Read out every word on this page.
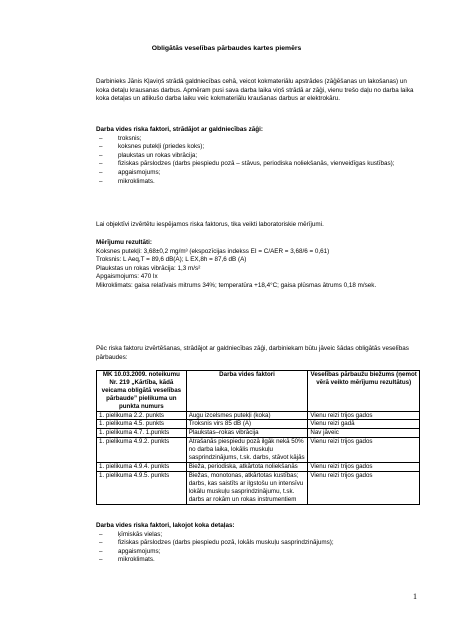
Obligātās veselības pārbaudes kartes piemērs

Darbinieks Jānis Kļaviņš strādā galdniecības cehā, veicot kokmateriālu apstrādes (zāģēšanas un lakošanas) un koka detaļu krausanas darbus. Apmēram pusi sava darba laika viņš strādā ar zāģi, vienu trešo daļu no darba laika koka detaļas un atlikušo darba laiku veic kokmateriālu kraušanas darbus ar elektrokāru.

Darba vides riska faktori, strādājot ar galdniecības zāģi:

– troksnis;
– koksnes putekļi (priedes koks);
– plaukstas un rokas vibrācija;
– fiziskas pārslodzes (darbs piespiedu pozā – stāvus, periodiska noliekšanās, vienveidīgas kustības);
– apgaismojums;
– mikroklimats.

Lai objektīvi izvērtētu iespējamos riska faktorus, tika veikti laboratoriskie mērījumi.

Mērījumu rezultāti:

Koksnes putekļi: 3,68±0,2 mg/m³ (ekspozīcijas indekss EI = C/AER = 3,68/6 = 0,61)

Troksnis: L Aeq,T = 89,6 dB(A); L EX,8h = 87,6 dB (A)

Plaukstas un rokas vibrācija: 1,3 m/s²

Apgaismojums: 470 lx

Mikroklimats: gaisa relatīvais mitrums 34%; temperatūra +18,4°C; gaisa plūsmas ātrums 0,18 m/sek.

Pēc riska faktoru izvērtēšanas, strādājot ar galdniecības zāģi, darbiniekam būtu jāveic šādas obligātās veselības pārbaudes:

MK 10.03.2009. noteikumu Nr. 219 „Kārtība, kādā veicama obligātā veselības pārbaude” pielikuma un punkta numurs	Darba vides faktori	Veselības pārbaužu biežums (ņemot vērā veikto mērījumu rezultātus)
1. pielikuma 2.2. punkts	Augu izcelsmes putekļi (koka)	Vienu reizi trijos gados
1. pielikuma 4.5. punkts	Troksnis virs 85 dB (A)	Vienu reizi gadā
1. pielikuma 4.7. 1.punkts	Plaukstas–rokas vibrācija	Nav jāveic
1. pielikuma 4.9.2. punkts	Atrašanās piespiedu pozā ilgāk nekā 50% no darba laika, lokālis muskuļu sasprindzinājums, t.sk. darbs, stāvot kājās	Vienu reizi trijos gados
1. pielikuma 4.9.4. punkts	Bieža, periodiska, atkārtota noliekšanās	Vienu reizi trijos gados
1. pielikuma 4.9.5. punkts	Biežas, monotonas, atkārtotas kustības; darbs, kas saistīts ar ilgstošu un intensīvu lokālu muskuļu sasprindzinājumu, t.sk. darbs ar rokām un rokas instrumentiem	Vienu reizi trijos gados

Darba vides riska faktori, lakojot koka detaļas:

– ķīmiskās vielas;
– fiziskas pārslodzes (darbs piespiedu pozā, lokāls muskuļu sasprindzinājums);
– apgaismojums;
– mikroklimats.
1
